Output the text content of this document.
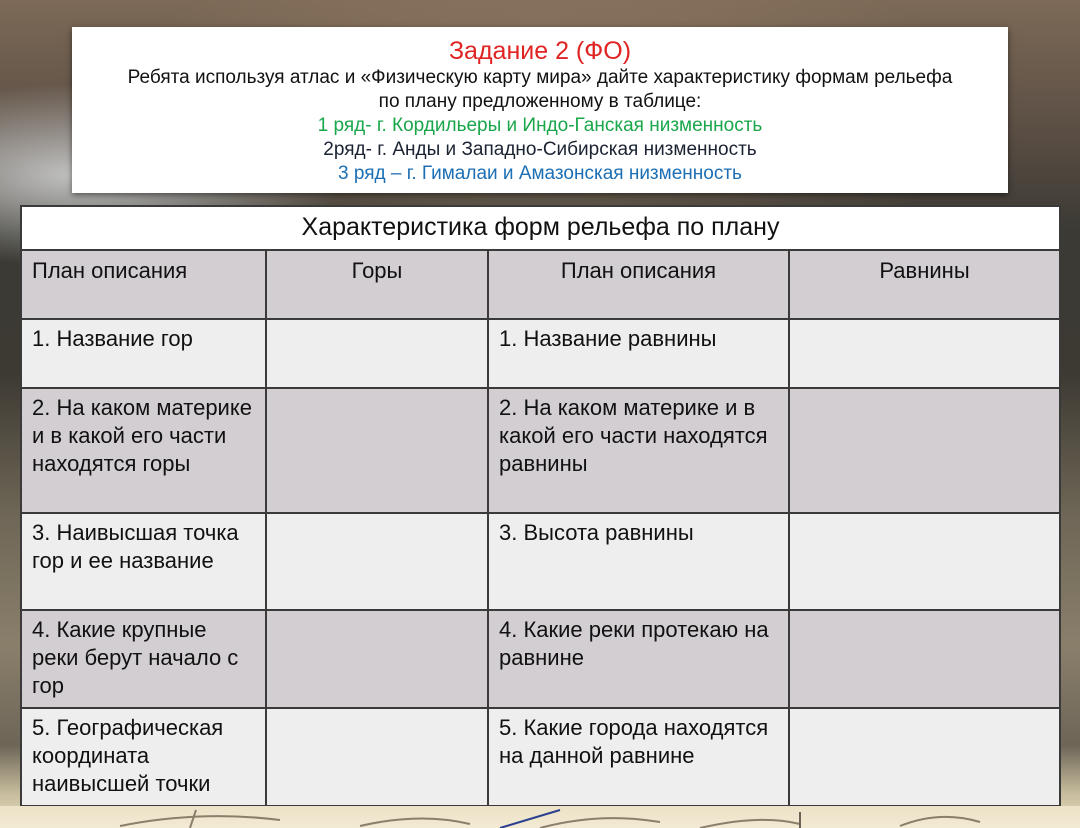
Задание 2 (ФО)
Ребята используя атлас и «Физическую карту мира» дайте характеристику формам рельефа
по плану предложенному в таблице:
1 ряд- г. Кордильеры и Индо-Ганская низменность
2ряд- г. Анды и Западно-Сибирская низменность
3 ряд – г. Гималаи и Амазонская низменность
Характеристика форм рельефа по плану			
План описания	Горы	План описания	Равнины
1. Название гор		1. Название равнины	
2. На каком материке и в какой его части находятся горы		2. На каком материке и в какой его части находятся равнины	
3. Наивысшая точка гор и ее название		3. Высота равнины	
4. Какие крупные реки берут начало с гор		4. Какие реки протекаю на равнине	
5. Географическая координата наивысшей точки		5. Какие города находятся на данной равнине	
